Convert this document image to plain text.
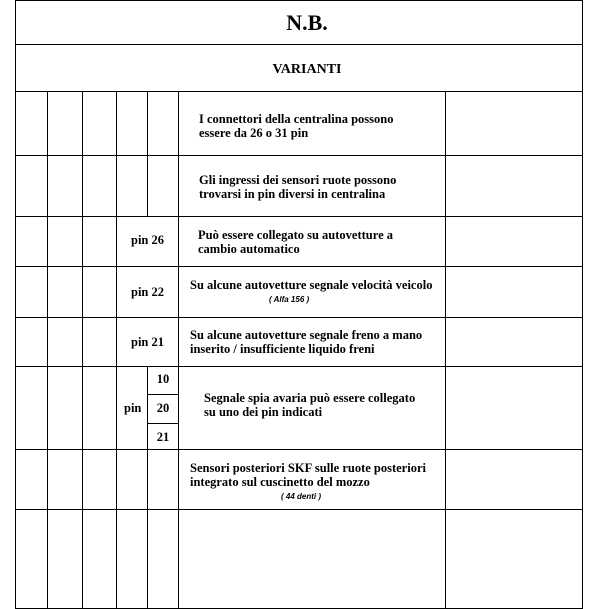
N.B.
VARIANTI
I connettori della centralina possono
essere da 26 o 31 pin
Gli ingressi dei sensori ruote possono
trovarsi in pin diversi in centralina
pin 26	Può essere collegato su autovetture a
cambio automatico
pin 22 Su alcune autovetture segnale velocità veicolo
( Alfa 156 )
pin 21 Su alcune autovetture segnale freno a mano
inserito / insufficiente liquido freni
pin
10
20
21
Segnale spia avaria può essere collegato
su uno dei pin indicati
Sensori posteriori SKF sulle ruote posteriori
integrato sul cuscinetto del mozzo
( 44 denti )
